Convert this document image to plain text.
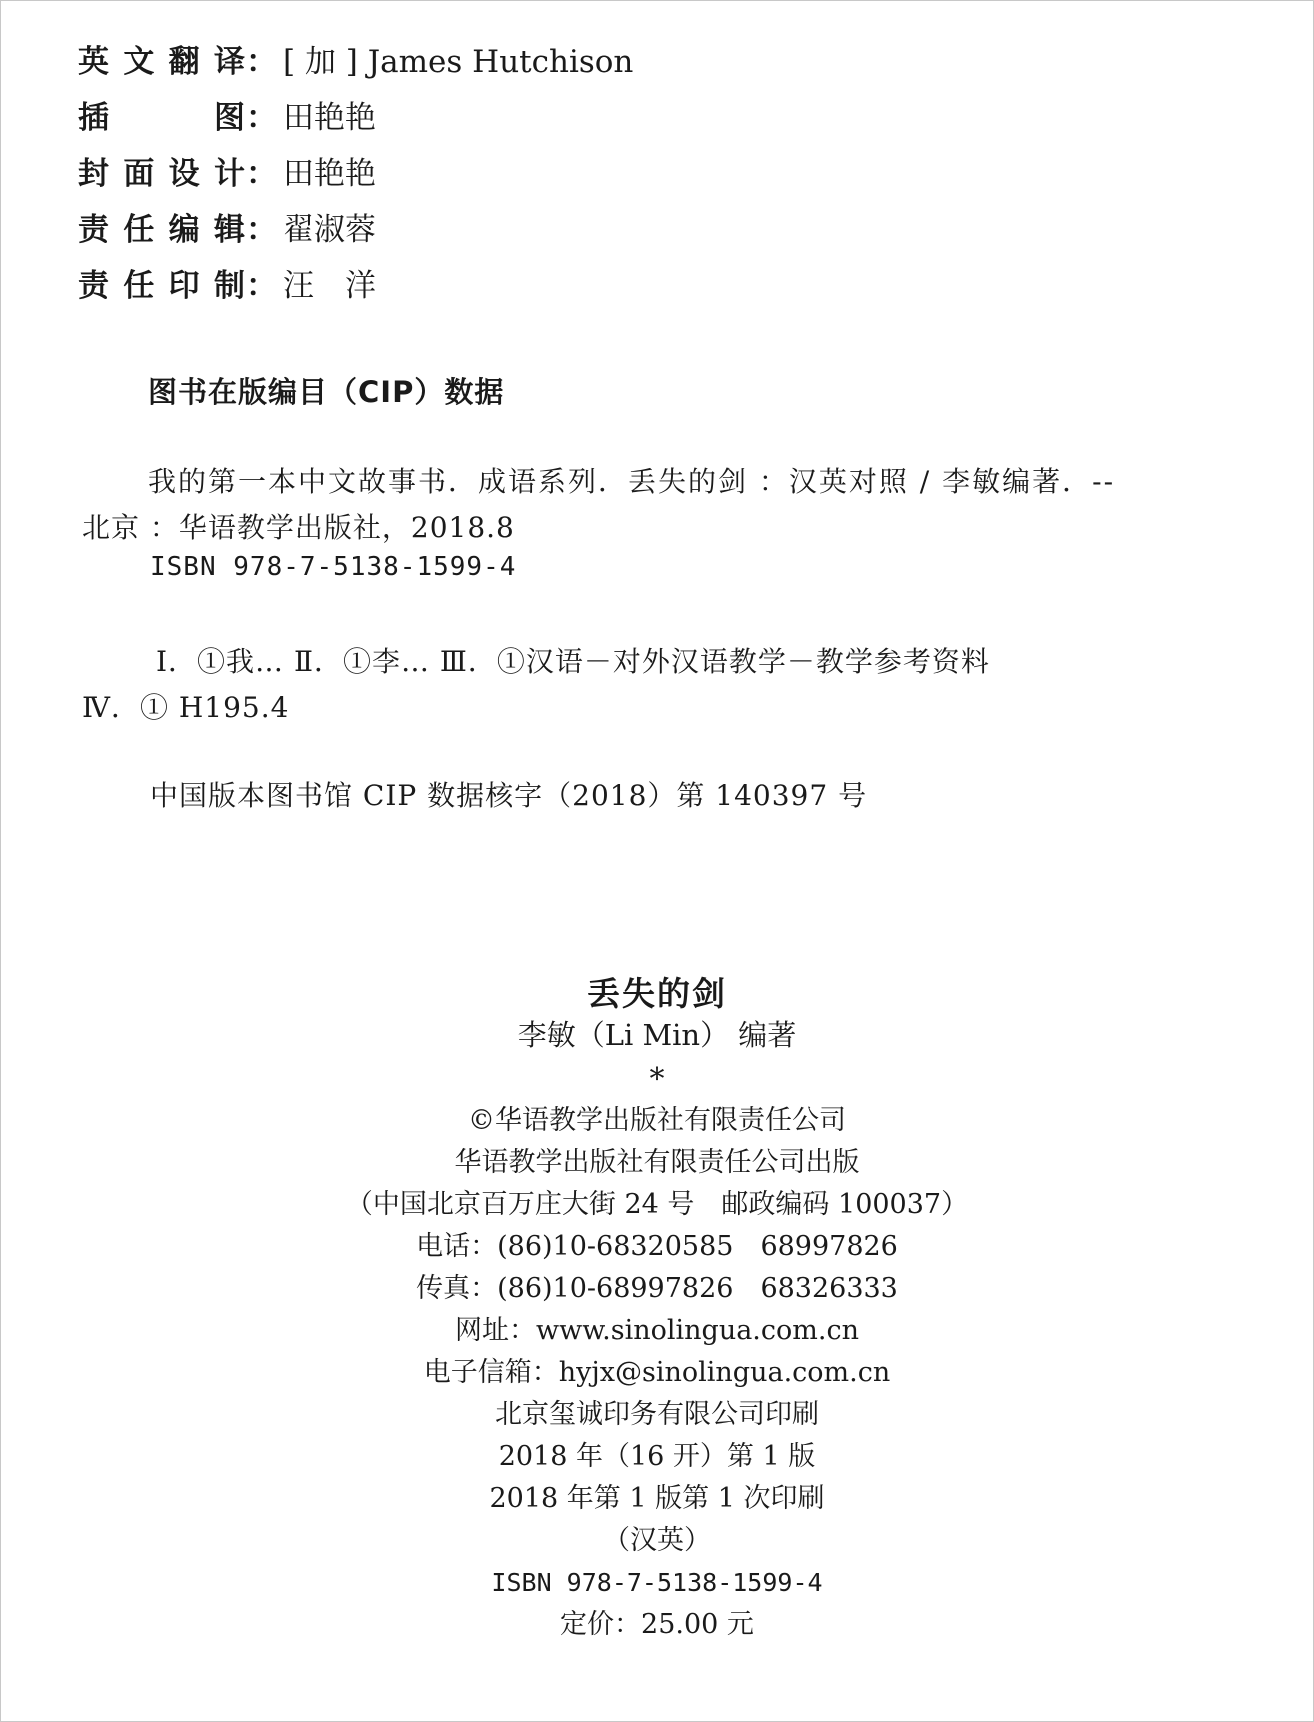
英文翻译 ： [ 加 ] James Hutchison
插图 ： 田艳艳
封面设计 ： 田艳艳
责任编辑 ： 翟淑蓉
责任印制 ： 汪　洋
图书在版编目（CIP）数据
我的第一本中文故事书．成语系列．丢失的剑 ：汉英对照 / 李敏编著．--
北京 ：华语教学出版社，2018.8
ISBN 978-7-5138-1599-4
Ⅰ．①我… Ⅱ．①李… Ⅲ．①汉语－对外汉语教学－教学参考资料
Ⅳ．① H195.4
中国版本图书馆 CIP 数据核字（2018）第 140397 号
丢失的剑
李敏（Li Min） 编著
*
©华语教学出版社有限责任公司
华语教学出版社有限责任公司出版
（中国北京百万庄大街 24 号　邮政编码 100037）
电话：(86)10-68320585　68997826
传真：(86)10-68997826　68326333
网址：www.sinolingua.com.cn
电子信箱：hyjx@sinolingua.com.cn
北京玺诚印务有限公司印刷
2018 年（16 开）第 1 版
2018 年第 1 版第 1 次印刷
（汉英）
ISBN 978-7-5138-1599-4
定价：25.00 元
